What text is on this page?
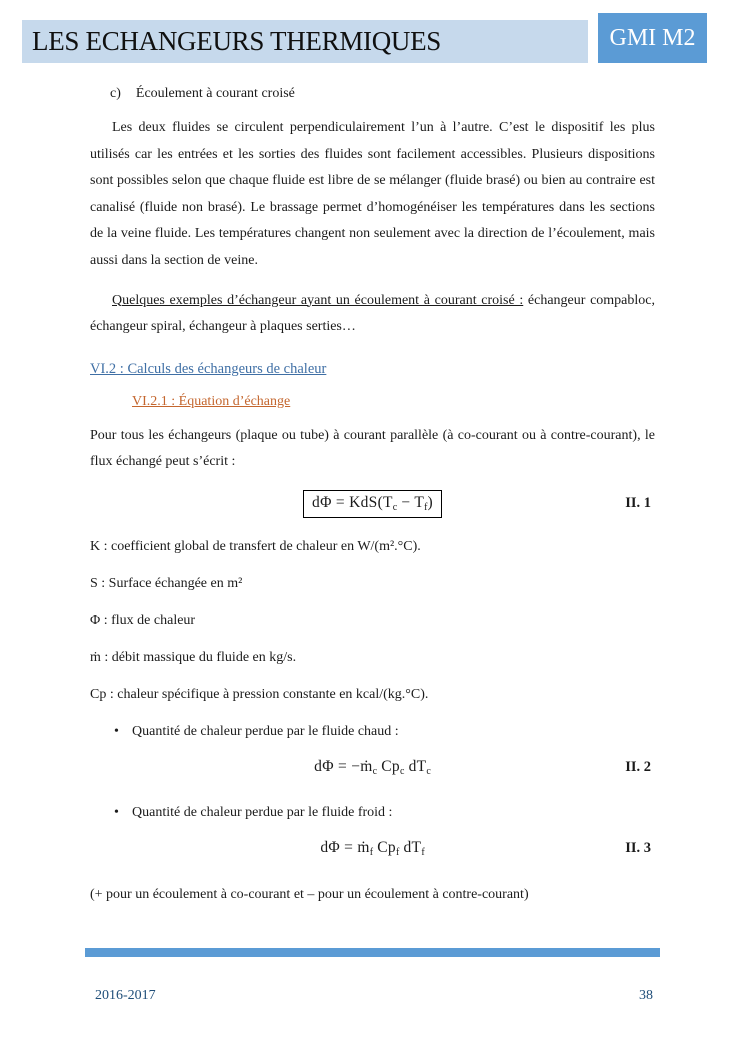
LES ECHANGEURS THERMIQUES	GMI M2
c) Écoulement à courant croisé
Les deux fluides se circulent perpendiculairement l’un à l’autre. C’est le dispositif les plus utilisés car les entrées et les sorties des fluides sont facilement accessibles. Plusieurs dispositions sont possibles selon que chaque fluide est libre de se mélanger (fluide brasé) ou bien au contraire est canalisé (fluide non brasé). Le brassage permet d’homogénéiser les températures dans les sections de la veine fluide. Les températures changent non seulement avec la direction de l’écoulement, mais aussi dans la section de veine.
Quelques exemples d’échangeur ayant un écoulement à courant croisé : échangeur compabloc, échangeur spiral, échangeur à plaques serties…
VI.2 : Calculs des échangeurs de chaleur
VI.2.1 : Équation d’échange
Pour tous les échangeurs (plaque ou tube) à courant parallèle (à co-courant ou à contre-courant), le flux échangé peut s’écrit :
$d\Phi = KdS(T_c - T_f)$	II. 1
K : coefficient global de transfert de chaleur en W/(m².°C).
S : Surface échangée en m²
Φ : flux de chaleur
ṁ : débit massique du fluide en kg/s.
Cp : chaleur spécifique à pression constante en kcal/(kg.°C).
• Quantité de chaleur perdue par le fluide chaud :
dΦ = −ṁ$_c$ $Cp_c$ $dT_c$	II. 2
• Quantité de chaleur perdue par le fluide froid :
dΦ = ṁ$_f$ $Cp_f$ $dT_f$	II. 3
(+ pour un écoulement à co-courant et – pour un écoulement à contre-courant)
2016-2017	38
